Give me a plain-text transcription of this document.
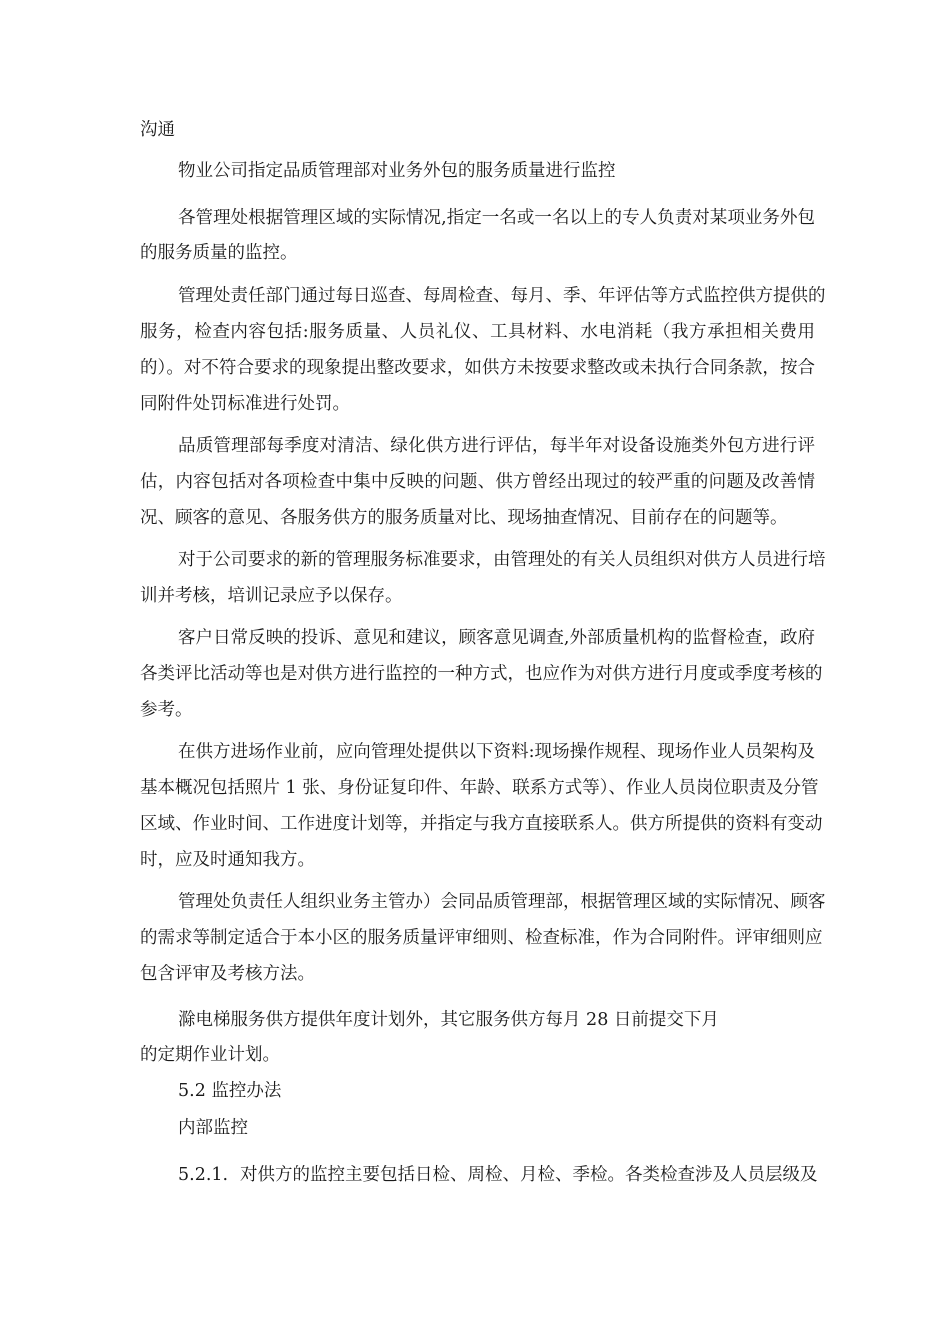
沟通
物业公司指定品质管理部对业务外包的服务质量进行监控
各管理处根据管理区域的实际情况,指定一名或一名以上的专人负责对某项业务外包
的服务质量的监控。
管理处责任部门通过每日巡查、每周检查、每月、季、年评估等方式监控供方提供的
服务，检查内容包括:服务质量、人员礼仪、工具材料、水电消耗（我方承担相关费用
的）。对不符合要求的现象提出整改要求，如供方未按要求整改或未执行合同条款，按合
同附件处罚标准进行处罚。
品质管理部每季度对清洁、绿化供方进行评估，每半年对设备设施类外包方进行评
估，内容包括对各项检查中集中反映的问题、供方曾经出现过的较严重的问题及改善情
况、顾客的意见、各服务供方的服务质量对比、现场抽查情况、目前存在的问题等。
对于公司要求的新的管理服务标准要求，由管理处的有关人员组织对供方人员进行培
训并考核，培训记录应予以保存。
客户日常反映的投诉、意见和建议，顾客意见调查,外部质量机构的监督检查，政府
各类评比活动等也是对供方进行监控的一种方式，也应作为对供方进行月度或季度考核的
参考。
在供方进场作业前，应向管理处提供以下资料:现场操作规程、现场作业人员架构及
基本概况包括照片 1 张、身份证复印件、年龄、联系方式等）、作业人员岗位职责及分管
区域、作业时间、工作进度计划等，并指定与我方直接联系人。供方所提供的资料有变动
时，应及时通知我方。
管理处负责任人组织业务主管办）会同品质管理部，根据管理区域的实际情况、顾客
的需求等制定适合于本小区的服务质量评审细则、检查标准，作为合同附件。评审细则应
包含评审及考核方法。
滁电梯服务供方提供年度计划外，其它服务供方每月 28 日前提交下月
的定期作业计划。
5.2 监控办法
内部监控
5.2.1. 对供方的监控主要包括日检、周检、月检、季检。各类检查涉及人员层级及
